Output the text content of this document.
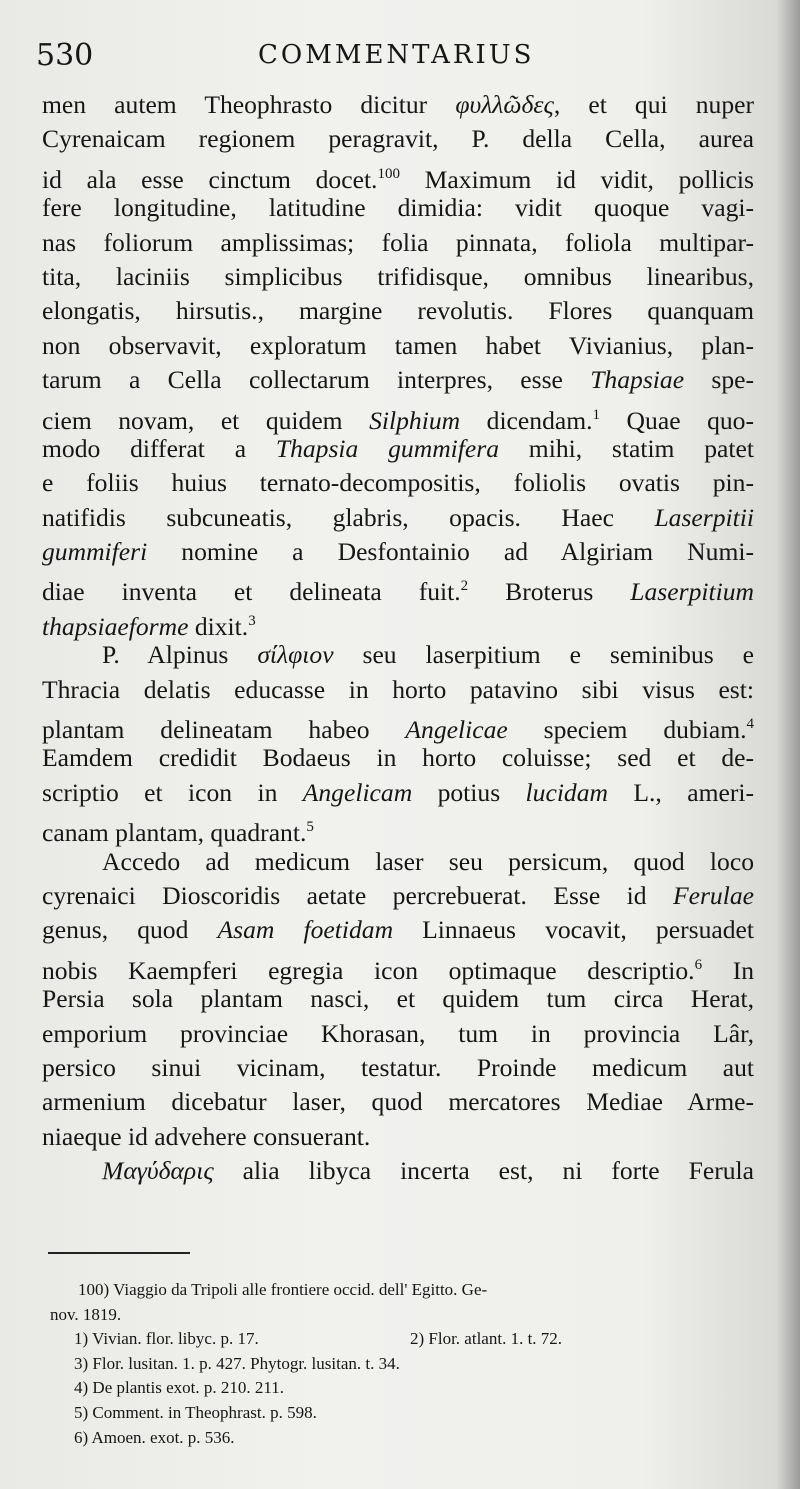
530	COMMENTARIUS
men autem Theophrasto dicitur φυλλῶδες, et qui nuper
Cyrenaicam regionem peragravit, P. della Cella, aurea
id ala esse cinctum docet.$^{100}$ Maximum id vidit, pollicis
fere longitudine, latitudine dimidia: vidit quoque vagi-
nas foliorum amplissimas; folia pinnata, foliola multipar-
tita, laciniis simplicibus trifidisque, omnibus linearibus,
elongatis, hirsutis., margine revolutis. Flores quanquam
non observavit, exploratum tamen habet Vivianius, plan-
tarum a Cella collectarum interpres, esse Thapsiae spe-
ciem novam, et quidem Silphium dicendam.$^1$ Quae quo-
modo differat a Thapsia gummifera mihi, statim patet
e foliis huius ternato-decompositis, foliolis ovatis pin-
natifidis subcuneatis, glabris, opacis. Haec Laserpitii
gummiferi nomine a Desfontainio ad Algiriam Numi-
diae inventa et delineata fuit.$^2$ Broterus Laserpitium
thapsiaeforme dixit.$^3$
P. Alpinus σίλφιον seu laserpitium e seminibus e
Thracia delatis educasse in horto patavino sibi visus est:
plantam delineatam habeo Angelicae speciem dubiam.$^4$
Eamdem credidit Bodaeus in horto coluisse; sed et de-
scriptio et icon in Angelicam potius lucidam L., ameri-
canam plantam, quadrant.$^5$
Accedo ad medicum laser seu persicum, quod loco
cyrenaici Dioscoridis aetate percrebuerat. Esse id Ferulae
genus, quod Asam foetidam Linnaeus vocavit, persuadet
nobis Kaempferi egregia icon optimaque descriptio.$^6$ In
Persia sola plantam nasci, et quidem tum circa Herat,
emporium provinciae Khorasan, tum in provincia Lâr,
persico sinui vicinam, testatur. Proinde medicum aut
armenium dicebatur laser, quod mercatores Mediae Arme-
niaeque id advehere consuerant.
Μαγύδαρις alia libyca incerta est, ni forte Ferula
100) Viaggio da Tripoli alle frontiere occid. dell' Egitto. Ge-
nov. 1819.
1) Vivian. flor. libyc. p. 17.	2) Flor. atlant. 1. t. 72.
3) Flor. lusitan. 1. p. 427. Phytogr. lusitan. t. 34.
4) De plantis exot. p. 210. 211.
5) Comment. in Theophrast. p. 598.
6) Amoen. exot. p. 536.
